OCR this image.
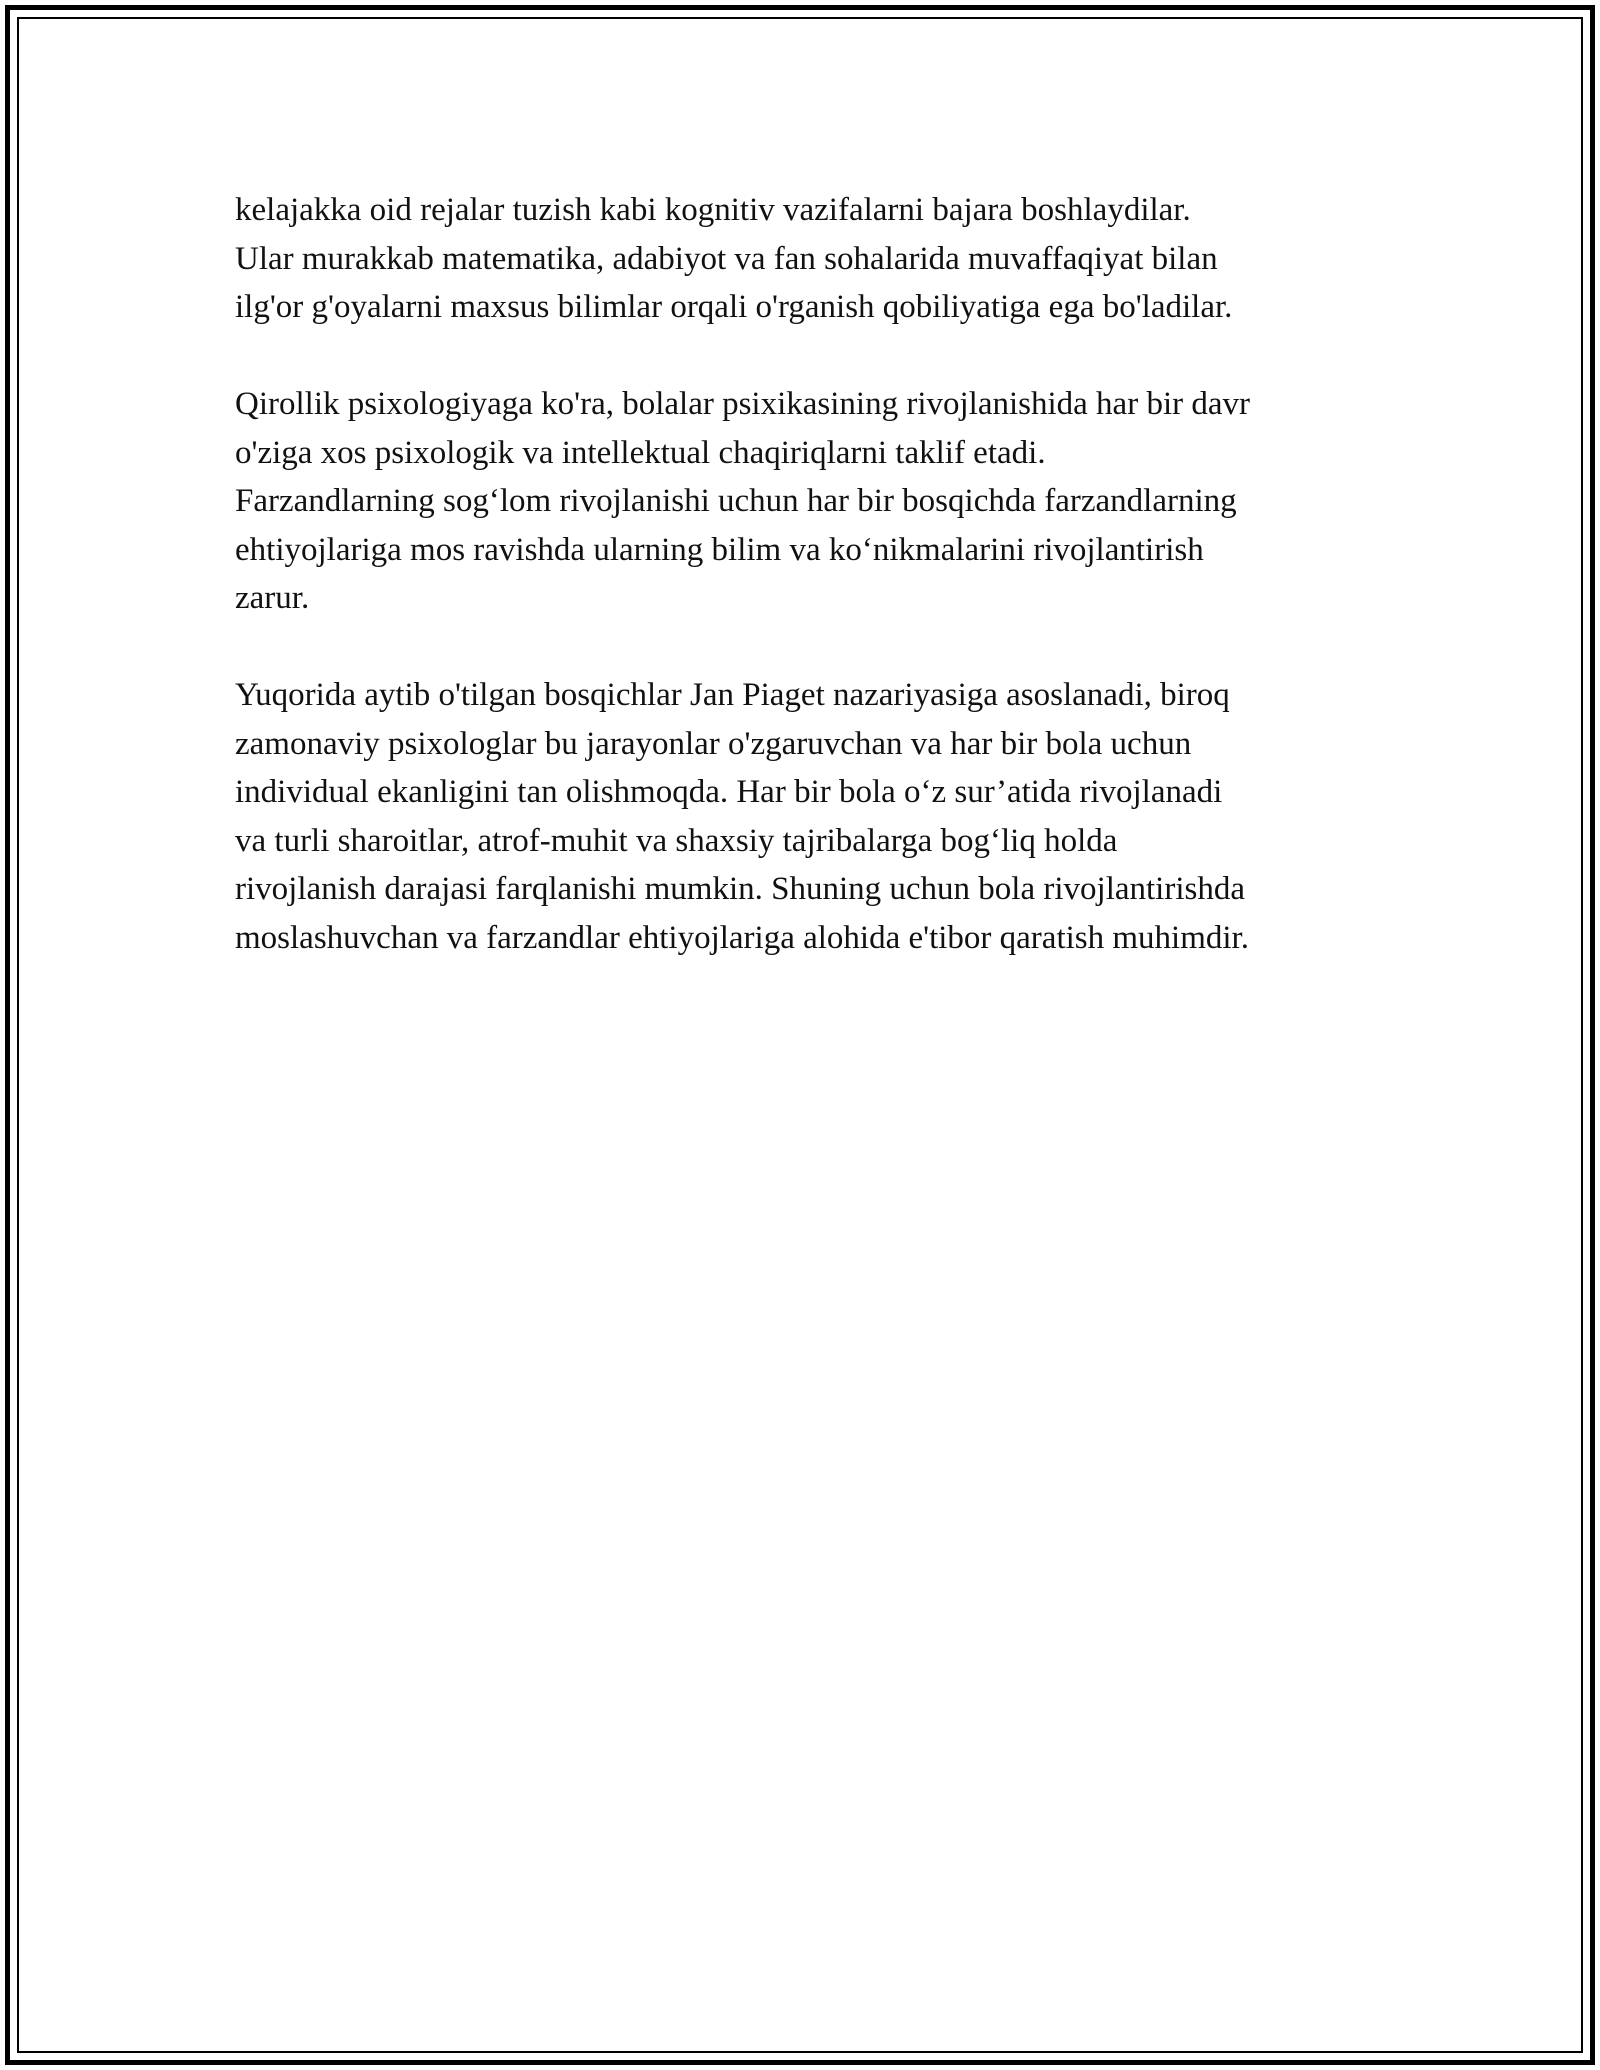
kelajakka oid rejalar tuzish kabi kognitiv vazifalarni bajara boshlaydilar.
Ular murakkab matematika, adabiyot va fan sohalarida muvaffaqiyat bilan
ilg'or g'oyalarni maxsus bilimlar orqali o'rganish qobiliyatiga ega bo'ladilar.

Qirollik psixologiyaga ko'ra, bolalar psixikasining rivojlanishida har bir davr
o'ziga xos psixologik va intellektual chaqiriqlarni taklif etadi.
Farzandlarning sog‘lom rivojlanishi uchun har bir bosqichda farzandlarning
ehtiyojlariga mos ravishda ularning bilim va ko‘nikmalarini rivojlantirish
zarur.

Yuqorida aytib o'tilgan bosqichlar Jan Piaget nazariyasiga asoslanadi, biroq
zamonaviy psixologlar bu jarayonlar o'zgaruvchan va har bir bola uchun
individual ekanligini tan olishmoqda. Har bir bola o‘z sur’atida rivojlanadi
va turli sharoitlar, atrof-muhit va shaxsiy tajribalarga bog‘liq holda
rivojlanish darajasi farqlanishi mumkin. Shuning uchun bola rivojlantirishda
moslashuvchan va farzandlar ehtiyojlariga alohida e'tibor qaratish muhimdir.
